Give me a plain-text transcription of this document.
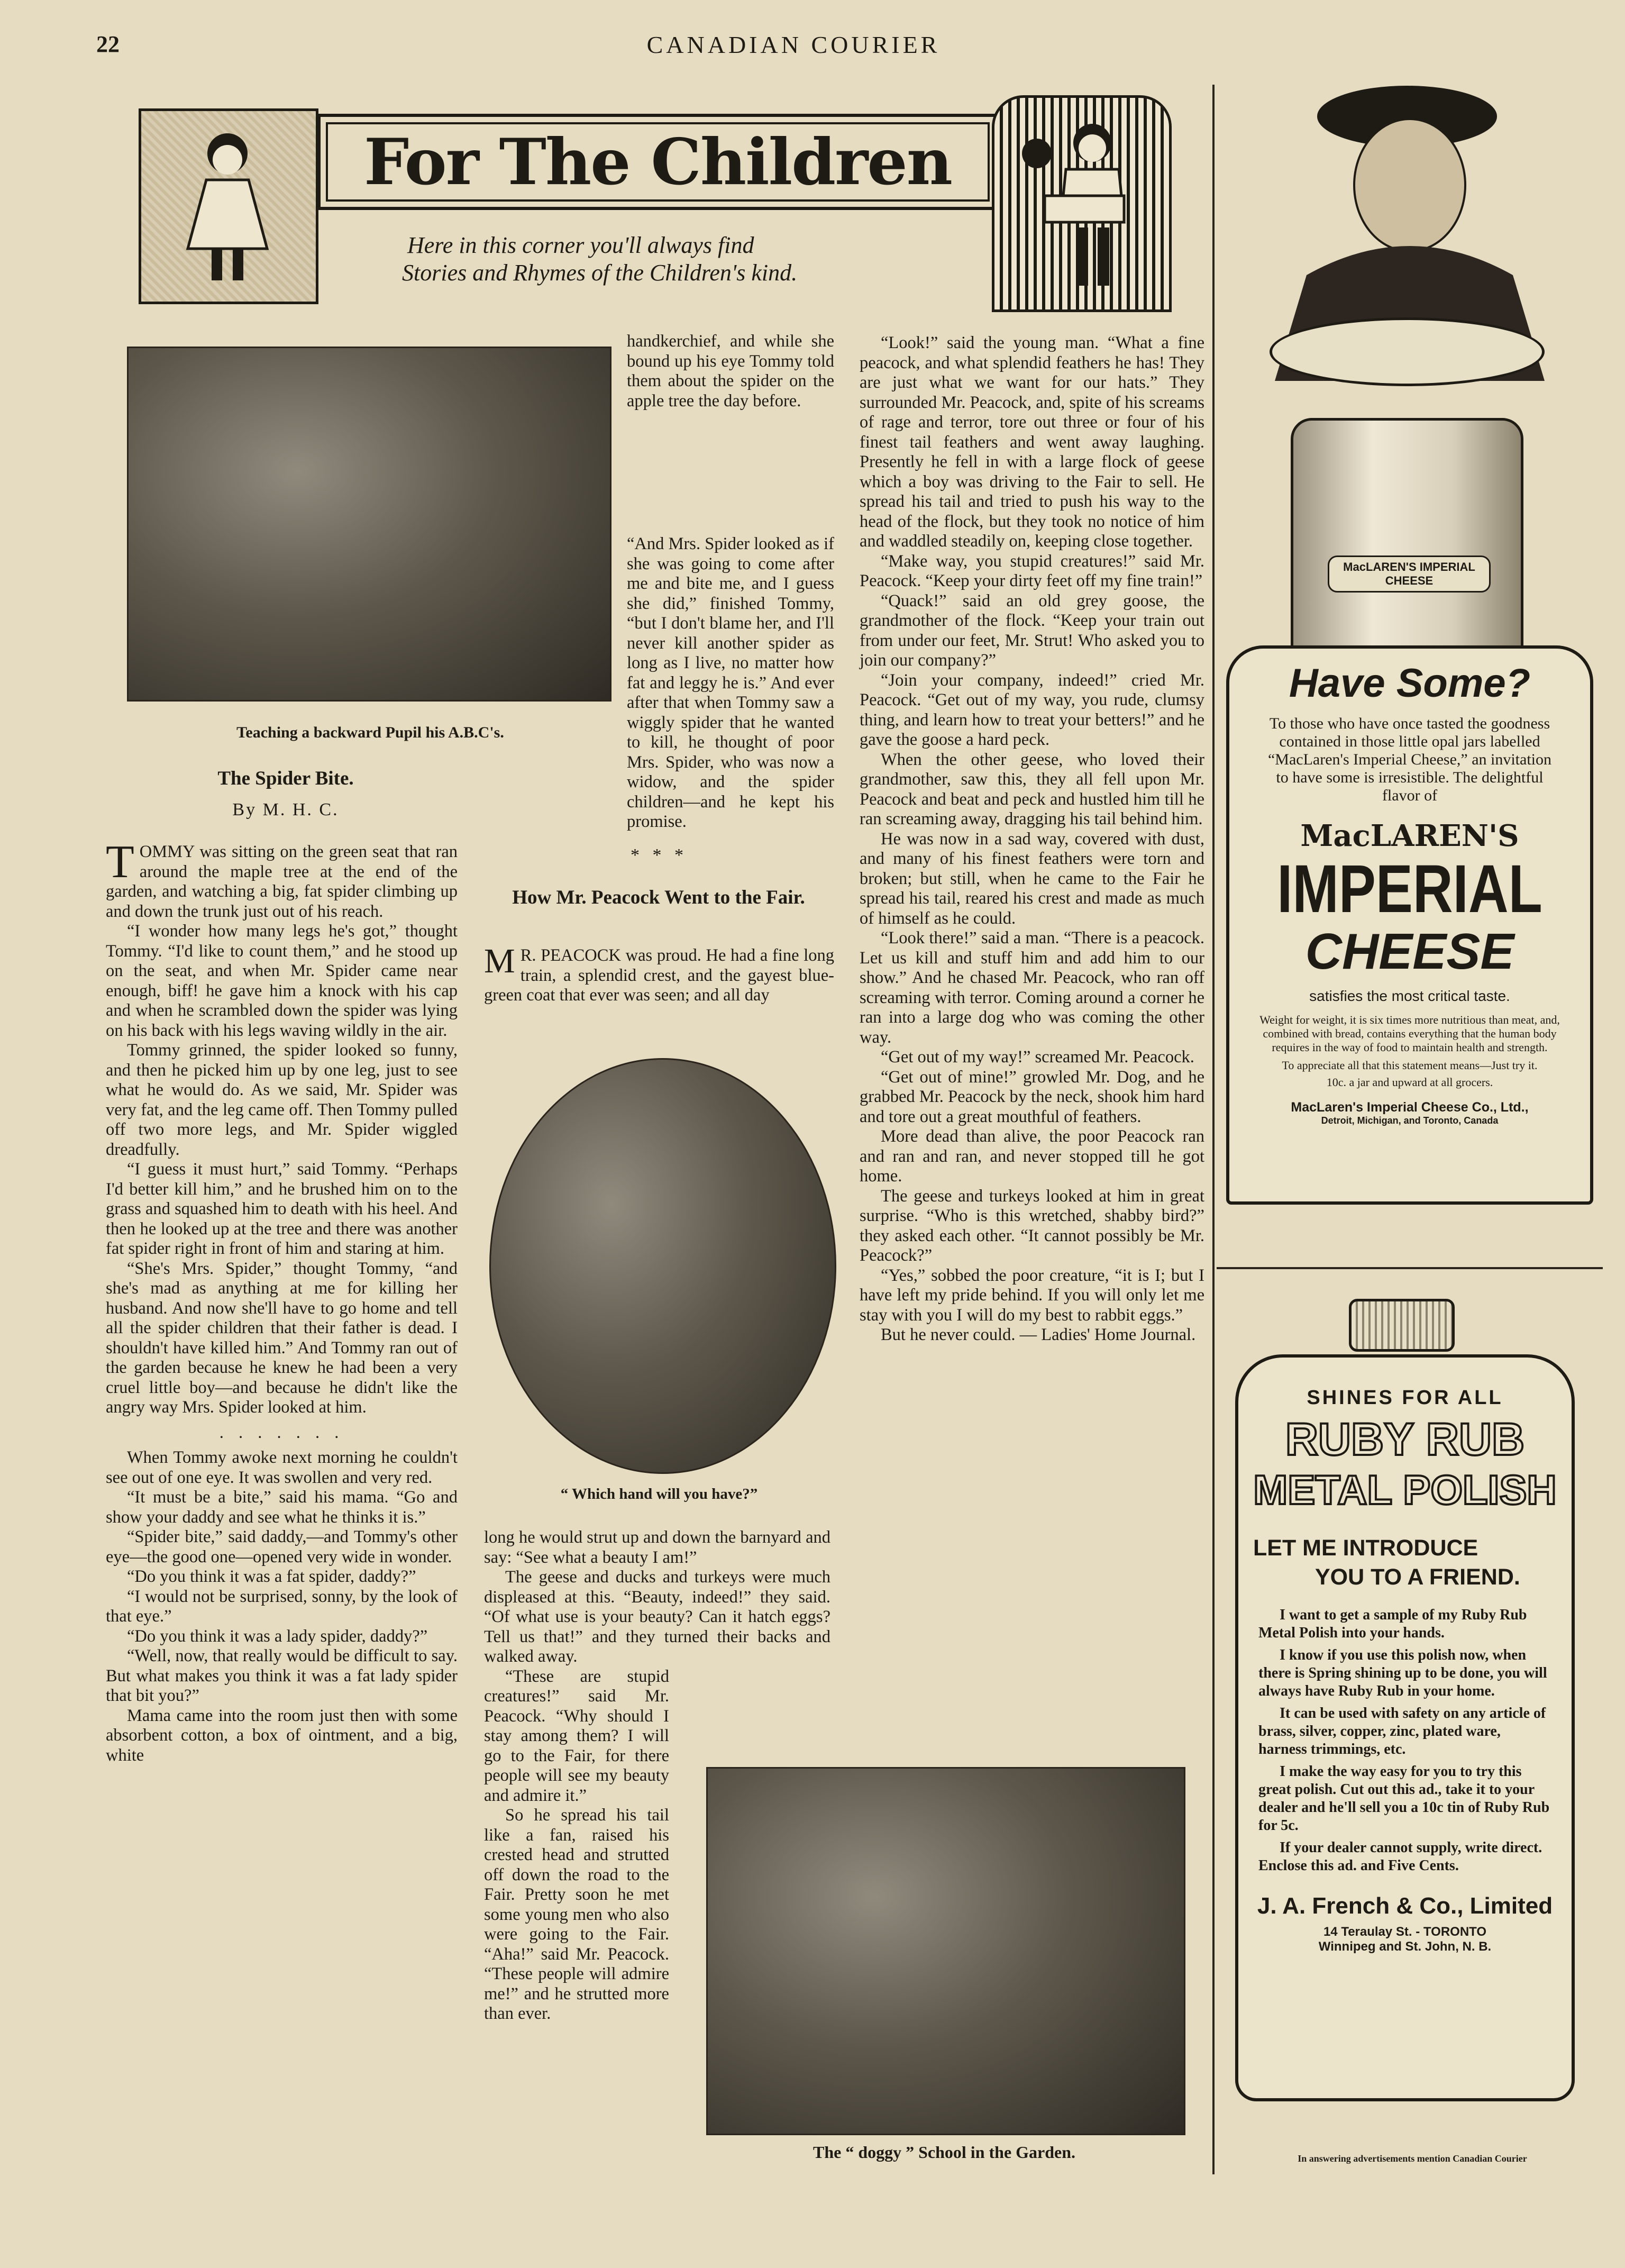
22	CANADIAN COURIER
For The Children
Here in this corner you'll always find
Stories and Rhymes of the Children's kind.
Teaching a backward Pupil his A.B.C's.
The Spider Bite.
By M. H. C.

TOMMY was sitting on the green seat that ran around the maple tree at the end of the garden, and watching a big, fat spider climbing up and down the trunk just out of his reach.

“I wonder how many legs he's got,” thought Tommy. “I'd like to count them,” and he stood up on the seat, and when Mr. Spider came near enough, biff! he gave him a knock with his cap and when he scrambled down the spider was lying on his back with his legs waving wildly in the air.

Tommy grinned, the spider looked so funny, and then he picked him up by one leg, just to see what he would do. As we said, Mr. Spider was very fat, and the leg came off. Then Tommy pulled off two more legs, and Mr. Spider wiggled dreadfully.

“I guess it must hurt,” said Tommy. “Perhaps I'd better kill him,” and he brushed him on to the grass and squashed him to death with his heel. And then he looked up at the tree and there was another fat spider right in front of him and staring at him.

“She's Mrs. Spider,” thought Tommy, “and she's mad as anything at me for killing her husband. And now she'll have to go home and tell all the spider children that their father is dead. I shouldn't have killed him.” And Tommy ran out of the garden because he knew he had been a very cruel little boy—and because he didn't like the angry way Mrs. Spider looked at him.

. . . . . . .

When Tommy awoke next morning he couldn't see out of one eye. It was swollen and very red.

“It must be a bite,” said his mama. “Go and show your daddy and see what he thinks it is.”

“Spider bite,” said daddy,—and Tommy's other eye—the good one—opened very wide in wonder.

“Do you think it was a fat spider, daddy?”

“I would not be surprised, sonny, by the look of that eye.”

“Do you think it was a lady spider, daddy?”

“Well, now, that really would be difficult to say. But what makes you think it was a fat lady spider that bit you?”

Mama came into the room just then with some absorbent cotton, a box of ointment, and a big, white

handkerchief, and while she bound up his eye Tommy told them about the spider on the apple tree the day before.

“And Mrs. Spider looked as if she was going to come after me and bite me, and I guess she did,” finished Tommy, “but I don't blame her, and I'll never kill another spider as long as I live, no matter how fat and leggy he is.” And ever after that when Tommy saw a wiggly spider that he wanted to kill, he thought of poor Mrs. Spider, who was now a widow, and the spider children—and he kept his promise.

* * *
How Mr. Peacock Went to the Fair.

M R. PEACOCK was proud. He had a fine long train, a splendid crest, and the gayest blue-green coat that ever was seen; and all day

“ Which hand will you have?”

long he would strut up and down the barnyard and say: “See what a beauty I am!”

The geese and ducks and turkeys were much displeased at this. “Beauty, indeed!” they said. “Of what use is your beauty? Can it hatch eggs? Tell us that!” and they turned their backs and walked away.

“These are stupid creatures!” said Mr. Peacock. “Why should I stay among them? I will go to the Fair, for there people will see my beauty and admire it.”

So he spread his tail like a fan, raised his crested head and strutted off down the road to the Fair. Pretty soon he met some young men who also were going to the Fair. “Aha!” said Mr. Peacock. “These people will admire me!” and he strutted more than ever.

The “ doggy ” School in the Garden.

“Look!” said the young man. “What a fine peacock, and what splendid feathers he has! They are just what we want for our hats.” They surrounded Mr. Peacock, and, spite of his screams of rage and terror, tore out three or four of his finest tail feathers and went away laughing. Presently he fell in with a large flock of geese which a boy was driving to the Fair to sell. He spread his tail and tried to push his way to the head of the flock, but they took no notice of him and waddled steadily on, keeping close together.

“Make way, you stupid creatures!” said Mr. Peacock. “Keep your dirty feet off my fine train!”

“Quack!” said an old grey goose, the grandmother of the flock. “Keep your train out from under our feet, Mr. Strut! Who asked you to join our company?”

“Join your company, indeed!” cried Mr. Peacock. “Get out of my way, you rude, clumsy thing, and learn how to treat your betters!” and he gave the goose a hard peck.

When the other geese, who loved their grandmother, saw this, they all fell upon Mr. Peacock and beat and peck and hustled him till he ran screaming away, dragging his tail behind him.

He was now in a sad way, covered with dust, and many of his finest feathers were torn and broken; but still, when he came to the Fair he spread his tail, reared his crest and made as much of himself as he could.

“Look there!” said a man. “There is a peacock. Let us kill and stuff him and add him to our show.” And he chased Mr. Peacock, who ran off screaming with terror. Coming around a corner he ran into a large dog who was coming the other way.

“Get out of my way!” screamed Mr. Peacock.

“Get out of mine!” growled Mr. Dog, and he grabbed Mr. Peacock by the neck, shook him hard and tore out a great mouthful of feathers.

More dead than alive, the poor Peacock ran and ran and ran, and never stopped till he got home.

The geese and turkeys looked at him in great surprise. “Who is this wretched, shabby bird?” they asked each other. “It cannot possibly be Mr. Peacock?”

“Yes,” sobbed the poor creature, “it is I; but I have left my pride behind. If you will only let me stay with you I will do my best to rabbit eggs.”

But he never could. — Ladies' Home Journal.

MacLAREN'S IMPERIAL CHEESE
Have Some?
To those who have once tasted the goodness contained in those little opal jars labelled “MacLaren's Imperial Cheese,” an invitation to have some is irresistible. The delightful flavor of
MacLAREN'S
IMPERIAL
CHEESE
satisfies the most critical taste.
Weight for weight, it is six times more nutritious than meat, and, combined with bread, contains everything that the human body requires in the way of food to maintain health and strength.
To appreciate all that this statement means—Just try it.
10c. a jar and upward at all grocers.
MacLaren's Imperial Cheese Co., Ltd.,
Detroit, Michigan, and Toronto, Canada
SHINES FOR ALL
RUBY RUB
METAL POLISH
LET ME INTRODUCE
YOU TO A FRIEND.

I want to get a sample of my Ruby Rub Metal Polish into your hands.

I know if you use this polish now, when there is Spring shining up to be done, you will always have Ruby Rub in your home.

It can be used with safety on any article of brass, silver, copper, zinc, plated ware, harness trimmings, etc.

I make the way easy for you to try this great polish. Cut out this ad., take it to your dealer and he'll sell you a 10c tin of Ruby Rub for 5c.

If your dealer cannot supply, write direct. Enclose this ad. and Five Cents.

J. A. French & Co., Limited
14 Teraulay St. - TORONTO
Winnipeg and St. John, N. B.
In answering advertisements mention Canadian Courier
